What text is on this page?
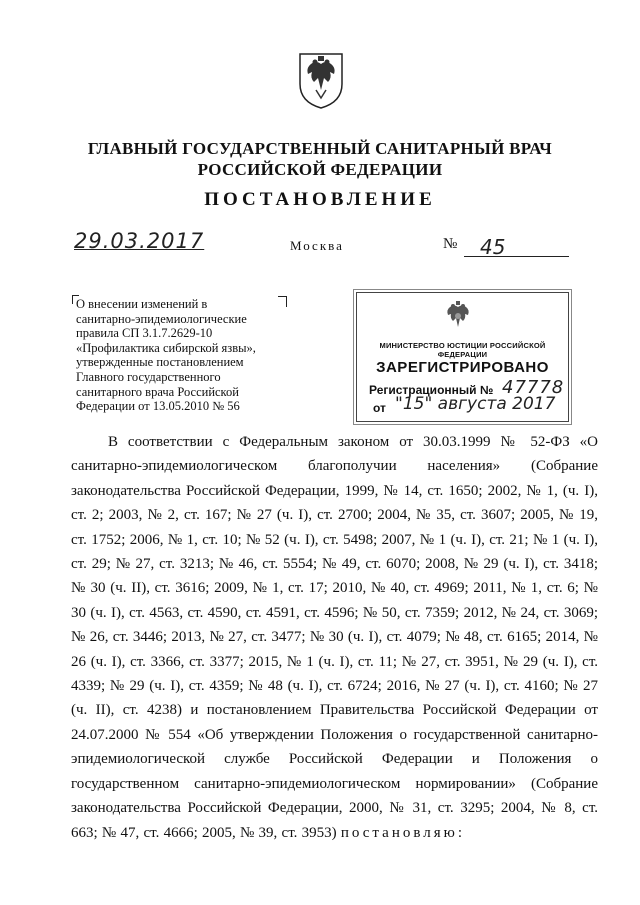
ГЛАВНЫЙ ГОСУДАРСТВЕННЫЙ САНИТАРНЫЙ ВРАЧ
РОССИЙСКОЙ ФЕДЕРАЦИИ
ПОСТАНОВЛЕНИЕ
29.03.2017	Москва	№ 45
О внесении изменений в
санитарно-эпидемиологические
правила СП 3.1.7.2629-10
«Профилактика сибирской язвы»,
утвержденные постановлением
Главного государственного
санитарного врача Российской
Федерации от 13.05.2010 № 56
МИНИСТЕРСТВО ЮСТИЦИИ РОССИЙСКОЙ ФЕДЕРАЦИИ
ЗАРЕГИСТРИРОВАНО
Регистрационный № 47778
от "15" августа 2017
В соответствии с Федеральным законом от 30.03.1999 № 52-ФЗ «О санитарно-эпидемиологическом благополучии населения» (Собрание законодательства Российской Федерации, 1999, № 14, ст. 1650; 2002, № 1, (ч. I), ст. 2; 2003, № 2, ст. 167; № 27 (ч. I), ст. 2700; 2004, № 35, ст. 3607; 2005, № 19, ст. 1752; 2006, № 1, ст. 10; № 52 (ч. I), ст. 5498; 2007, № 1 (ч. I), ст. 21; № 1 (ч. I), ст. 29; № 27, ст. 3213; № 46, ст. 5554; № 49, ст. 6070; 2008, № 29 (ч. I), ст. 3418; № 30 (ч. II), ст. 3616; 2009, № 1, ст. 17; 2010, № 40, ст. 4969; 2011, № 1, ст. 6; № 30 (ч. I), ст. 4563, ст. 4590, ст. 4591, ст. 4596; № 50, ст. 7359; 2012, № 24, ст. 3069; № 26, ст. 3446; 2013, № 27, ст. 3477; № 30 (ч. I), ст. 4079; № 48, ст. 6165; 2014, № 26 (ч. I), ст. 3366, ст. 3377; 2015, № 1 (ч. I), ст. 11; № 27, ст. 3951, № 29 (ч. I), ст. 4339; № 29 (ч. I), ст. 4359; № 48 (ч. I), ст. 6724; 2016, № 27 (ч. I), ст. 4160; № 27 (ч. II), ст. 4238) и постановлением Правительства Российской Федерации от 24.07.2000 № 554 «Об утверждении Положения о государственной санитарно-эпидемиологической службе Российской Федерации и Положения о государственном санитарно-эпидемиологическом нормировании» (Собрание законодательства Российской Федерации, 2000, № 31, ст. 3295; 2004, № 8, ст. 663; № 47, ст. 4666; 2005, № 39, ст. 3953) постановляю:
